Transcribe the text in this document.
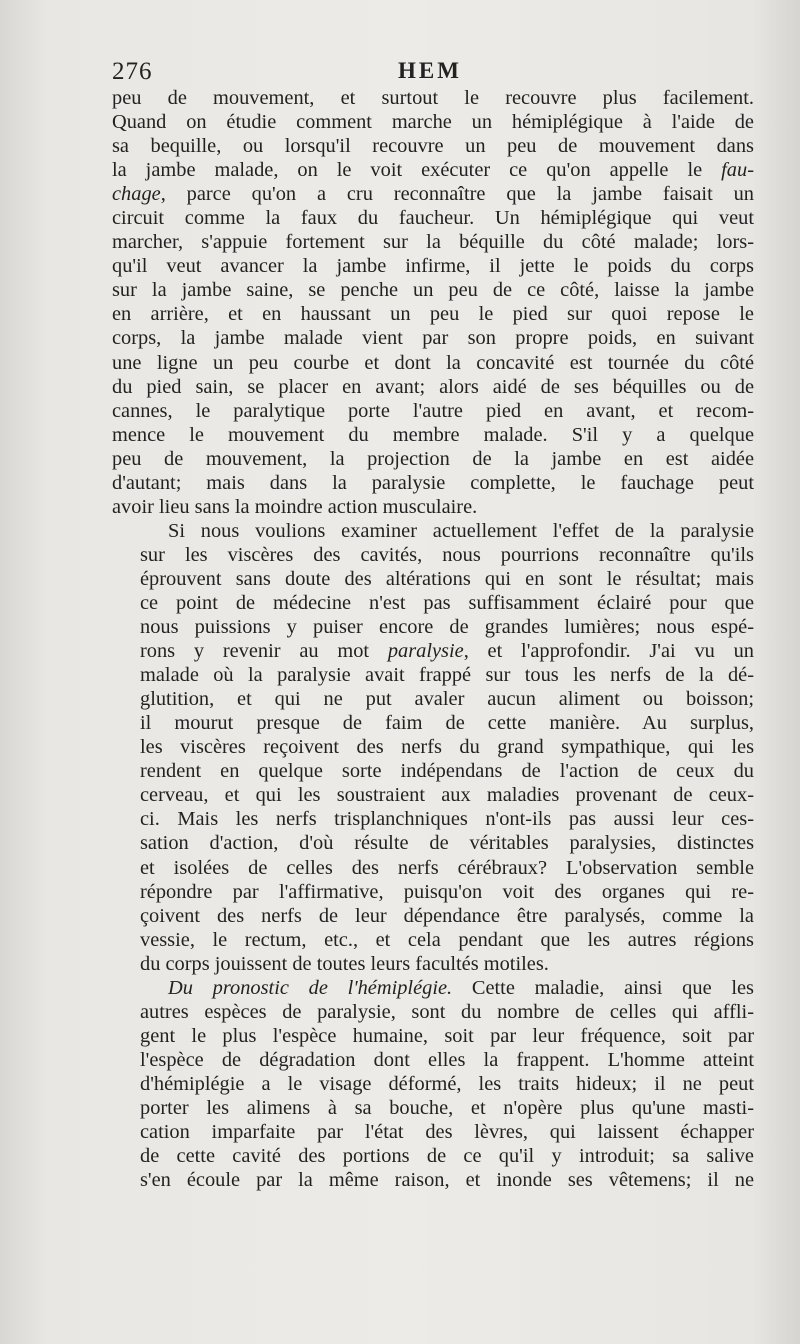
276	HEM

peu de mouvement, et surtout le recouvre plus facilement.
Quand on étudie comment marche un hémiplégique à l'aide de
sa bequille, ou lorsqu'il recouvre un peu de mouvement dans
la jambe malade, on le voit exécuter ce qu'on appelle le fau-
chage, parce qu'on a cru reconnaître que la jambe faisait un
circuit comme la faux du faucheur. Un hémiplégique qui veut
marcher, s'appuie fortement sur la béquille du côté malade; lors-
qu'il veut avancer la jambe infirme, il jette le poids du corps
sur la jambe saine, se penche un peu de ce côté, laisse la jambe
en arrière, et en haussant un peu le pied sur quoi repose le
corps, la jambe malade vient par son propre poids, en suivant
une ligne un peu courbe et dont la concavité est tournée du côté
du pied sain, se placer en avant; alors aidé de ses béquilles ou de
cannes, le paralytique porte l'autre pied en avant, et recom-
mence le mouvement du membre malade. S'il y a quelque
peu de mouvement, la projection de la jambe en est aidée
d'autant; mais dans la paralysie complette, le fauchage peut
avoir lieu sans la moindre action musculaire.

Si nous voulions examiner actuellement l'effet de la paralysie
sur les viscères des cavités, nous pourrions reconnaître qu'ils
éprouvent sans doute des altérations qui en sont le résultat; mais
ce point de médecine n'est pas suffisamment éclairé pour que
nous puissions y puiser encore de grandes lumières; nous espé-
rons y revenir au mot paralysie, et l'approfondir. J'ai vu un
malade où la paralysie avait frappé sur tous les nerfs de la dé-
glutition, et qui ne put avaler aucun aliment ou boisson;
il mourut presque de faim de cette manière. Au surplus,
les viscères reçoivent des nerfs du grand sympathique, qui les
rendent en quelque sorte indépendans de l'action de ceux du
cerveau, et qui les soustraient aux maladies provenant de ceux-
ci. Mais les nerfs trisplanchniques n'ont-ils pas aussi leur ces-
sation d'action, d'où résulte de véritables paralysies, distinctes
et isolées de celles des nerfs cérébraux? L'observation semble
répondre par l'affirmative, puisqu'on voit des organes qui re-
çoivent des nerfs de leur dépendance être paralysés, comme la
vessie, le rectum, etc., et cela pendant que les autres régions
du corps jouissent de toutes leurs facultés motiles.

Du pronostic de l'hémiplégie. Cette maladie, ainsi que les
autres espèces de paralysie, sont du nombre de celles qui affli-
gent le plus l'espèce humaine, soit par leur fréquence, soit par
l'espèce de dégradation dont elles la frappent. L'homme atteint
d'hémiplégie a le visage déformé, les traits hideux; il ne peut
porter les alimens à sa bouche, et n'opère plus qu'une masti-
cation imparfaite par l'état des lèvres, qui laissent échapper
de cette cavité des portions de ce qu'il y introduit; sa salive
s'en écoule par la même raison, et inonde ses vêtemens; il ne
